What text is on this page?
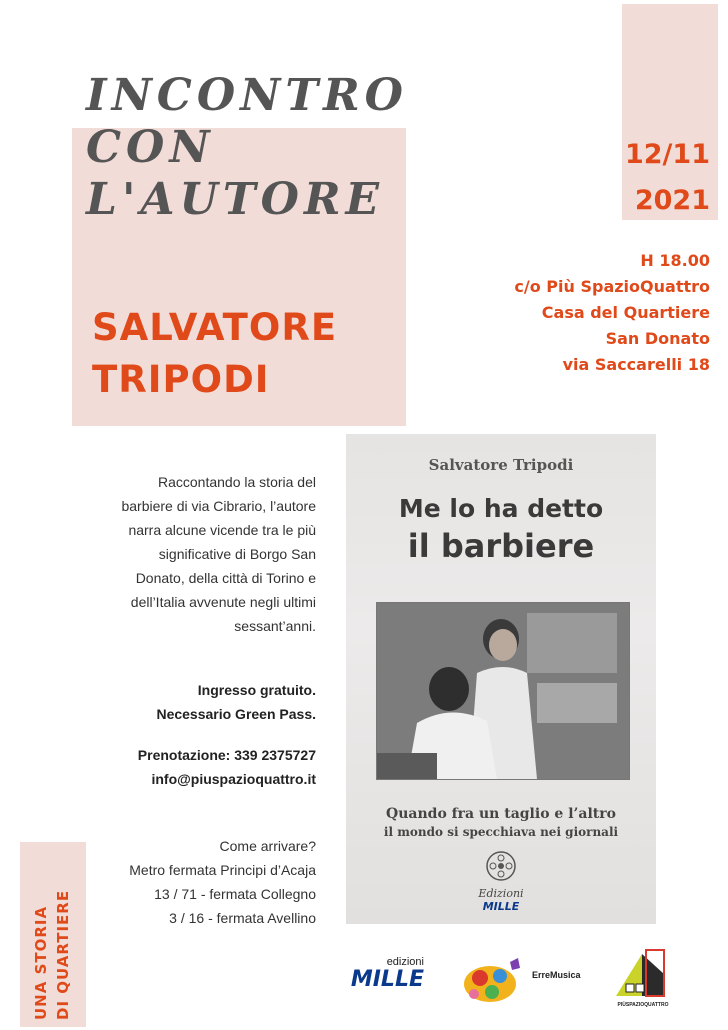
INCONTRO
CON
L'AUTORE
SALVATORE
TRIPODI
12/11
2021
H 18.00
c/o Più SpazioQuattro
Casa del Quartiere
San Donato
via Saccarelli 18
Raccontando la storia del
barbiere di via Cibrario, l’autore
narra alcune vicende tra le più
significative di Borgo San
Donato, della città di Torino e
dell’Italia avvenute negli ultimi
sessant’anni.
Ingresso gratuito.
Necessario Green Pass.
Prenotazione: 339 2375727
info@piuspazioquattro.it
Come arrivare?
Metro fermata Principi d’Acaja
13 / 71 - fermata Collegno
3 / 16 - fermata Avellino
UNA STORIA DI QUARTIERE
Salvatore Tripodi
Me lo ha detto
il barbiere
Quando fra un taglio e l’altro
il mondo si specchiava nei giornali
Edizioni
MILLE
edizioni
MILLE	ErreMusica
PIÙSPAZIOQUATTRO
